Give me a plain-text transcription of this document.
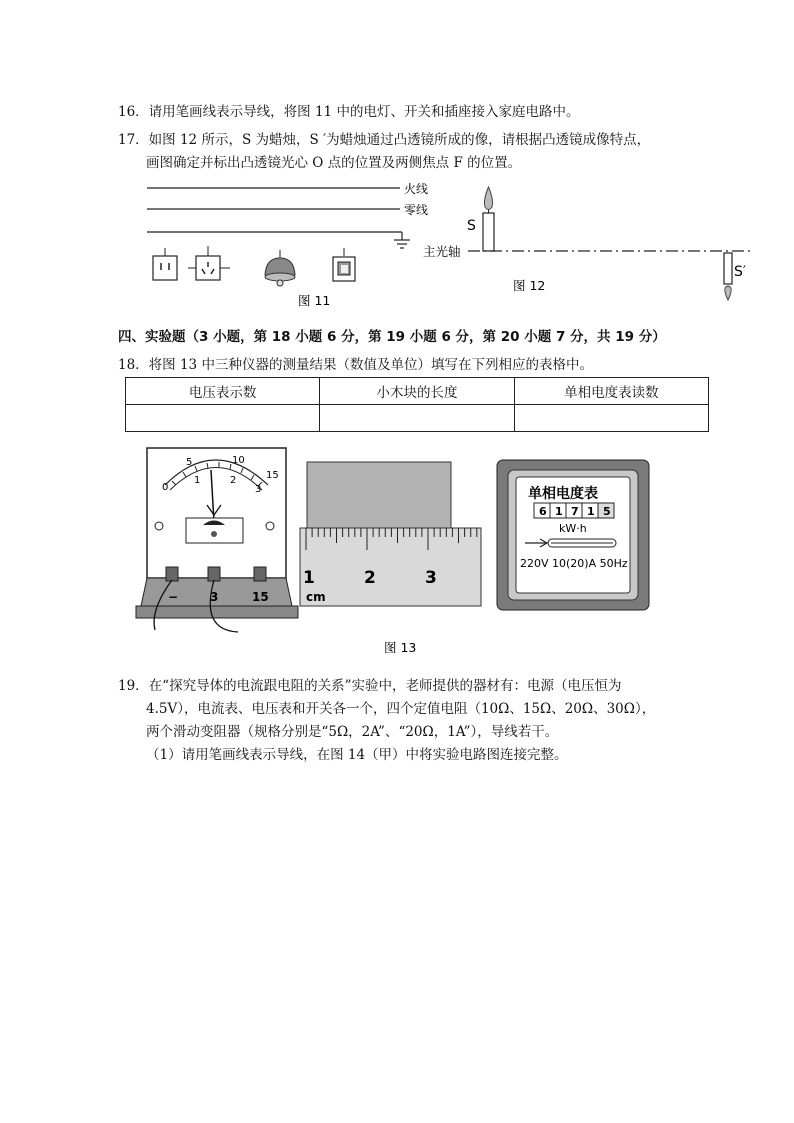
16．请用笔画线表示导线，将图 11 中的电灯、开关和插座接入家庭电路中。
17．如图 12 所示，S 为蜡烛，S ′为蜡烛通过凸透镜所成的像，请根据凸透镜成像特点，
画图确定并标出凸透镜光心 O 点的位置及两侧焦点 F 的位置。
火线
零线
图 11
S
主光轴
S′
图 12
四、实验题（3 小题，第 18 小题 6 分，第 19 小题 6 分，第 20 小题 7 分，共 19 分）
18．将图 13 中三种仪器的测量结果（数值及单位）填写在下列相应的表格中。
电压表示数	小木块的长度	单相电度表读数

5	10
0
1	2
3
15
−	3	15
1	2	3
cm
单相电度表
6 1 7 1 5
kW·h
220V 10(20)A 50Hz
图 13
19．在“探究导体的电流跟电阻的关系”实验中，老师提供的器材有：电源（电压恒为
4.5V），电流表、电压表和开关各一个，四个定值电阻（10Ω、15Ω、20Ω、30Ω），
两个滑动变阻器（规格分别是“5Ω，2A”、“20Ω，1A”），导线若干。
（1）请用笔画线表示导线，在图 14（甲）中将实验电路图连接完整。
